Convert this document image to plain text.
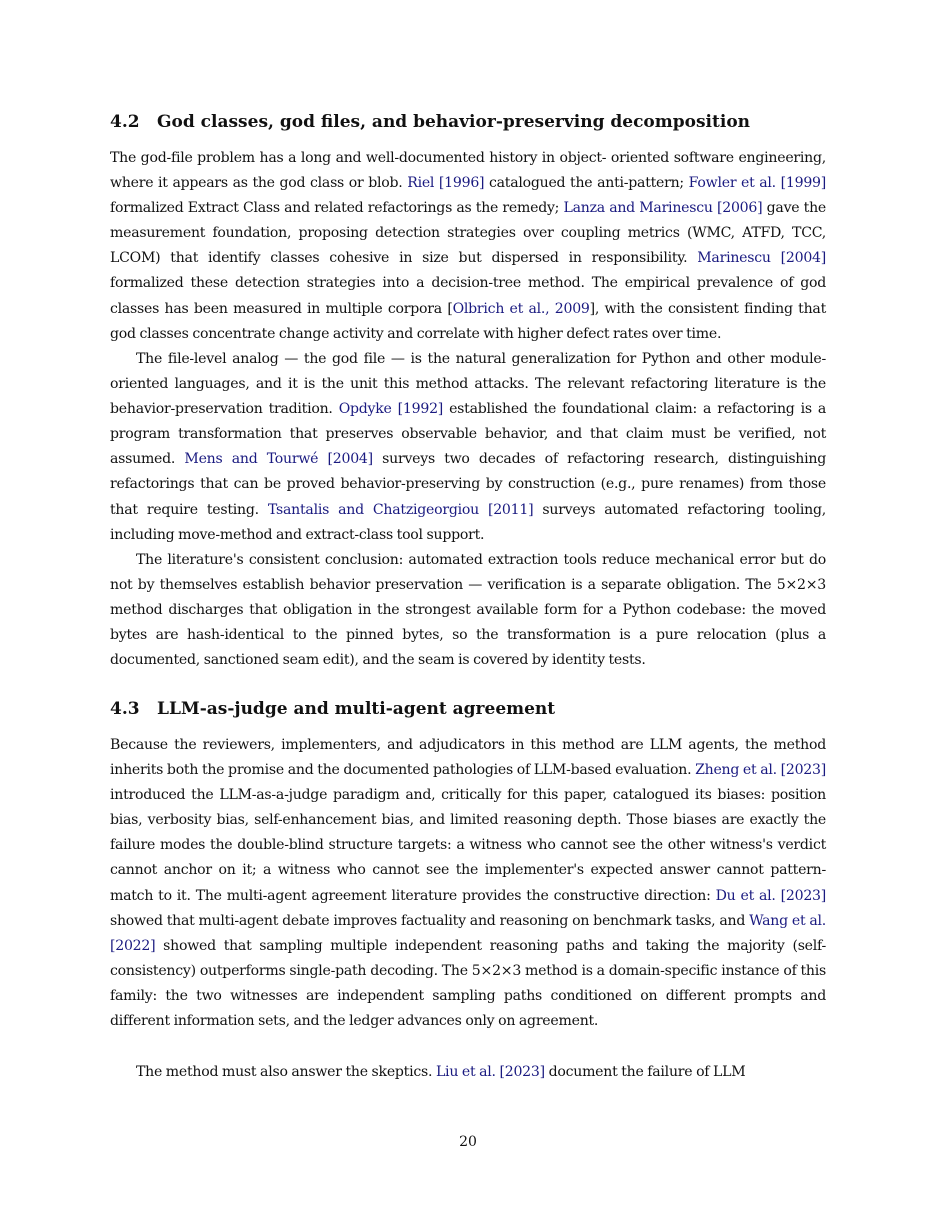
4.2 God classes, god files, and behavior-preserving decomposition

The god-file problem has a long and well-documented history in object- oriented software engineering, where it appears as the god class or blob. Riel [1996] catalogued the anti-pattern; Fowler et al. [1999] formalized Extract Class and related refactorings as the remedy; Lanza and Marinescu [2006] gave the measurement foundation, proposing detection strategies over coupling metrics (WMC, ATFD, TCC, LCOM) that identify classes cohesive in size but dispersed in responsibility. Marinescu [2004] formalized these detection strategies into a decision-tree method. The empirical prevalence of god classes has been measured in multiple corpora [Olbrich et al., 2009], with the consistent finding that god classes concentrate change activity and correlate with higher defect rates over time.

The file-level analog — the god file — is the natural generalization for Python and other module-oriented languages, and it is the unit this method attacks. The relevant refactoring literature is the behavior-preservation tradition. Opdyke [1992] established the foundational claim: a refactoring is a program transformation that preserves observable behavior, and that claim must be verified, not assumed. Mens and Tourwé [2004] surveys two decades of refactoring research, distinguishing refactorings that can be proved behavior-preserving by construction (e.g., pure renames) from those that require testing. Tsantalis and Chatzigeorgiou [2011] surveys automated refactoring tooling, including move-method and extract-class tool support.

The literature's consistent conclusion: automated extraction tools reduce mechanical error but do not by themselves establish behavior preservation — verification is a separate obligation. The 5×2×3 method discharges that obligation in the strongest available form for a Python codebase: the moved bytes are hash-identical to the pinned bytes, so the transformation is a pure relocation (plus a documented, sanctioned seam edit), and the seam is covered by identity tests.

4.3 LLM-as-judge and multi-agent agreement

Because the reviewers, implementers, and adjudicators in this method are LLM agents, the method inherits both the promise and the documented pathologies of LLM-based evaluation. Zheng et al. [2023] introduced the LLM-as-a-judge paradigm and, critically for this paper, catalogued its biases: position bias, verbosity bias, self-enhancement bias, and limited reasoning depth. Those biases are exactly the failure modes the double-blind structure targets: a witness who cannot see the other witness's verdict cannot anchor on it; a witness who cannot see the implementer's expected answer cannot pattern-match to it. The multi-agent agreement literature provides the constructive direction: Du et al. [2023] showed that multi-agent debate improves factuality and reasoning on benchmark tasks, and Wang et al. [2022] showed that sampling multiple independent reasoning paths and taking the majority (self-consistency) outperforms single-path decoding. The 5×2×3 method is a domain-specific instance of this family: the two witnesses are independent sampling paths conditioned on different prompts and different information sets, and the ledger advances only on agreement.

The method must also answer the skeptics. Liu et al. [2023] document the failure of LLM

20
